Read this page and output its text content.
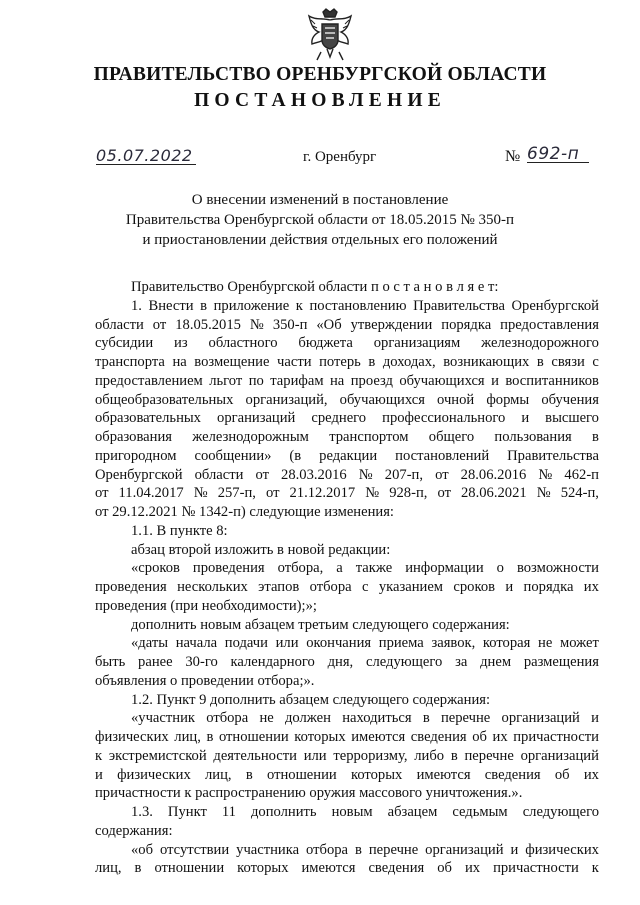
ПРАВИТЕЛЬСТВО ОРЕНБУРГСКОЙ ОБЛАСТИ
ПОСТАНОВЛЕНИЕ
05.07.2022	г. Оренбург	№ 692-п
О внесении изменений в постановление
Правительства Оренбургской области от 18.05.2015 № 350-п
и приостановлении действия отдельных его положений
Правительство Оренбургской области п о с т а н о в л я е т:
1. Внести в приложение к постановлению Правительства Оренбургской
области от 18.05.2015 № 350-п «Об утверждении порядка предоставления
субсидии из областного бюджета организациям железнодорожного
транспорта на возмещение части потерь в доходах, возникающих в связи с
предоставлением льгот по тарифам на проезд обучающихся и воспитанников
общеобразовательных организаций, обучающихся очной формы обучения
образовательных организаций среднего профессионального и высшего
образования железнодорожным транспортом общего пользования в
пригородном сообщении» (в редакции постановлений Правительства
Оренбургской области от 28.03.2016 № 207-п, от 28.06.2016 № 462-п
от 11.04.2017 № 257-п, от 21.12.2017 № 928-п, от 28.06.2021 № 524-п,
от 29.12.2021 № 1342-п) следующие изменения:
1.1. В пункте 8:
абзац второй изложить в новой редакции:
«сроков проведения отбора, а также информации о возможности
проведения нескольких этапов отбора с указанием сроков и порядка их
проведения (при необходимости);»;
дополнить новым абзацем третьим следующего содержания:
«даты начала подачи или окончания приема заявок, которая не может
быть ранее 30-го календарного дня, следующего за днем размещения
объявления о проведении отбора;».
1.2. Пункт 9 дополнить абзацем следующего содержания:
«участник отбора не должен находиться в перечне организаций и
физических лиц, в отношении которых имеются сведения об их причастности
к экстремистской деятельности или терроризму, либо в перечне организаций
и физических лиц, в отношении которых имеются сведения об их
причастности к распространению оружия массового уничтожения.».
1.3. Пункт 11 дополнить новым абзацем седьмым следующего
содержания:
«об отсутствии участника отбора в перечне организаций и физических
лиц, в отношении которых имеются сведения об их причастности к
